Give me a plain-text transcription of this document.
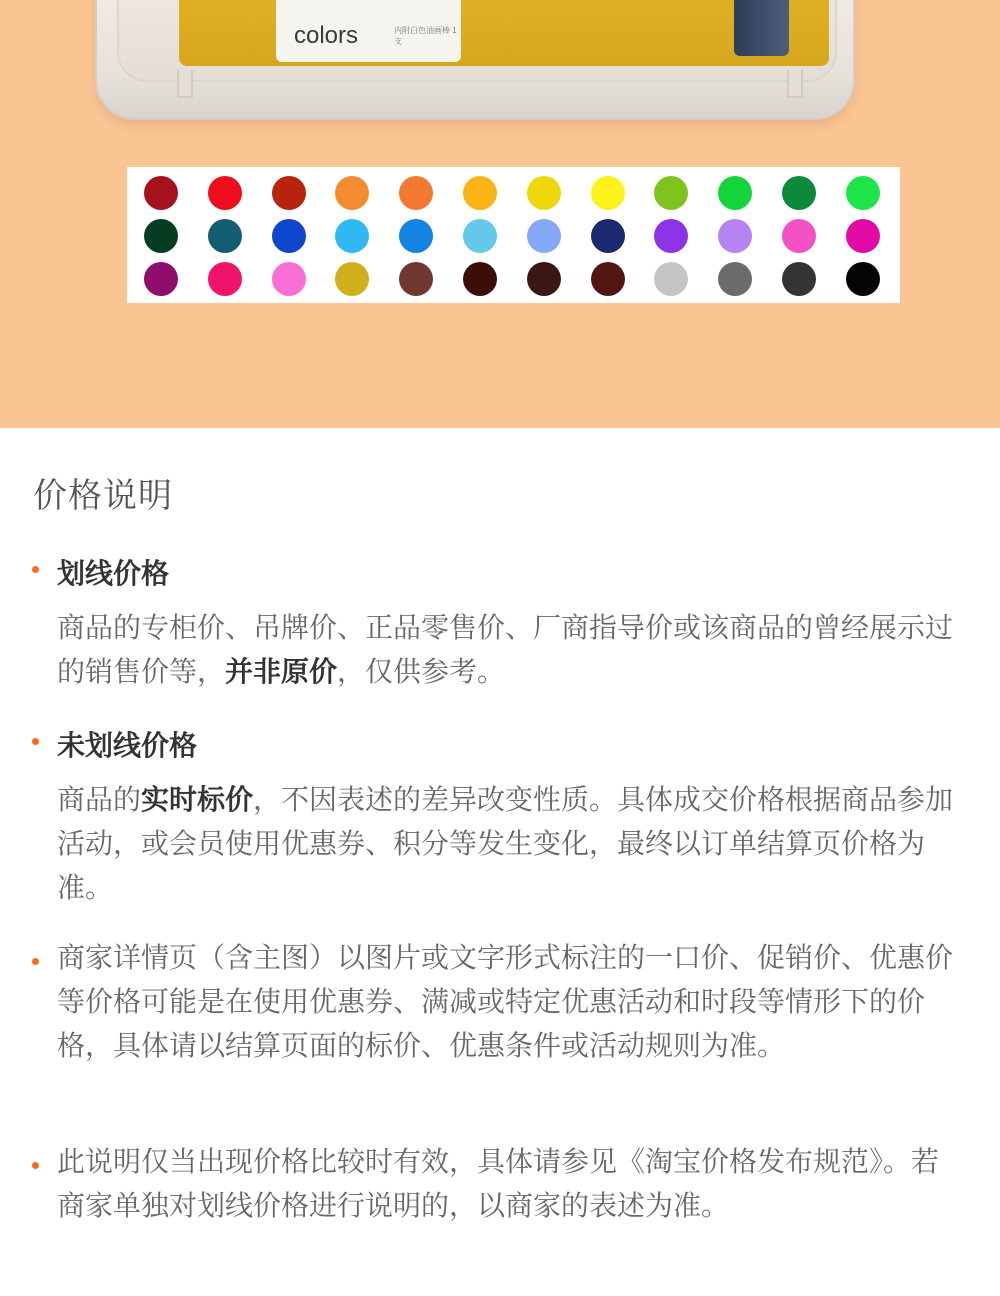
colors	内附白色油画棒 1 支
价格说明
划线价格
商品的专柜价、吊牌价、正品零售价、厂商指导价或该商品的曾经展示过的销售价等，并非原价，仅供参考。
未划线价格
商品的实时标价，不因表述的差异改变性质。具体成交价格根据商品参加活动，或会员使用优惠券、积分等发生变化，最终以订单结算页价格为准。
商家详情页（含主图）以图片或文字形式标注的一口价、促销价、优惠价等价格可能是在使用优惠券、满减或特定优惠活动和时段等情形下的价格，具体请以结算页面的标价、优惠条件或活动规则为准。
此说明仅当出现价格比较时有效，具体请参见《淘宝价格发布规范》。若商家单独对划线价格进行说明的，以商家的表述为准。
